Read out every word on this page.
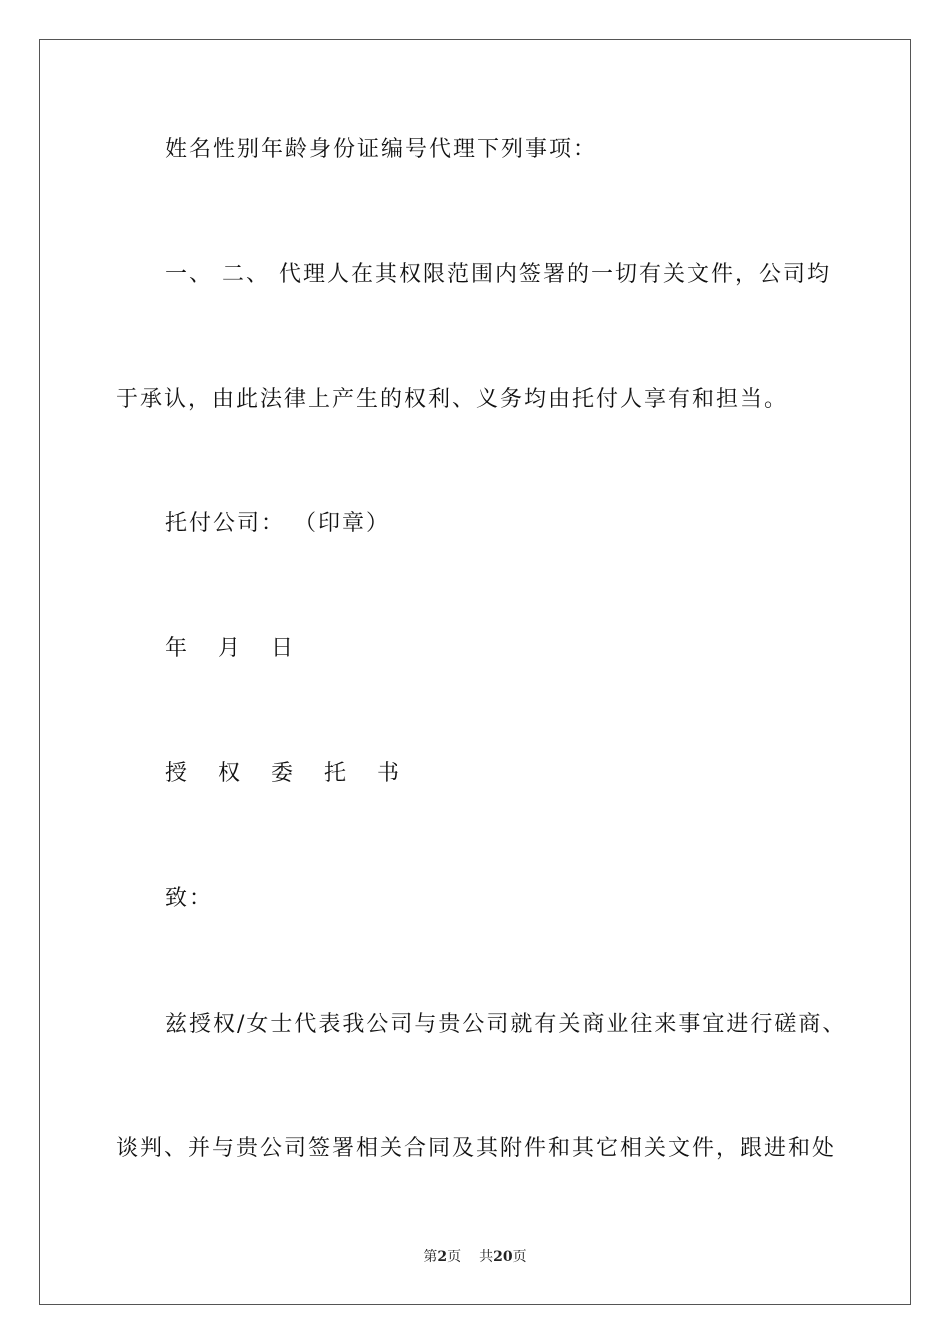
姓名性别年龄身份证编号代理下列事项：
一、 二、 代理人在其权限范围内签署的一切有关文件，公司均
于承认，由此法律上产生的权利、义务均由托付人享有和担当。
托付公司： （印章）
年 月 日
授 权 委 托 书
致：
兹授权/女士代表我公司与贵公司就有关商业往来事宜进行磋商、
谈判、并与贵公司签署相关合同及其附件和其它相关文件，跟进和处
第2页 共20页
